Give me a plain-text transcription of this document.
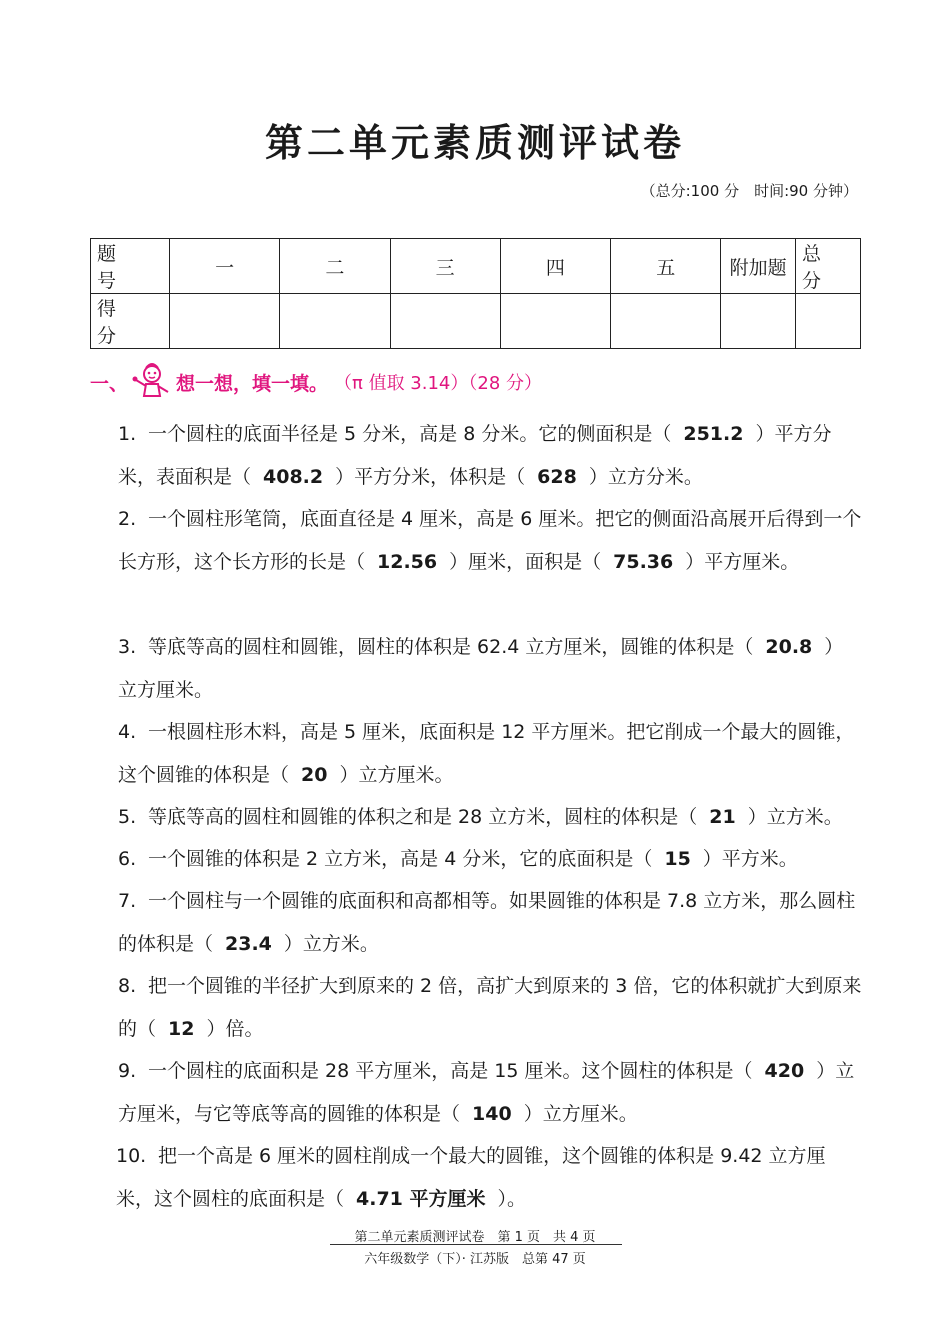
第二单元素质测评试卷
（总分:100 分　时间:90 分钟）
题　号	一	二	三	四	五	附加题	总　分
得　分							
一、	想一想，填一填。 （π 值取 3.14）（28 分）
1. 一个圆柱的底面半径是 5 分米，高是 8 分米。它的侧面积是（ 251.2 ）平方分米，表面积是（ 408.2 ）平方分米，体积是（ 628 ）立方分米。
2. 一个圆柱形笔筒，底面直径是 4 厘米，高是 6 厘米。把它的侧面沿高展开后得到一个长方形，这个长方形的长是（ 12.56 ）厘米，面积是（ 75.36 ）平方厘米。
3. 等底等高的圆柱和圆锥，圆柱的体积是 62.4 立方厘米，圆锥的体积是（ 20.8 ）立方厘米。
4. 一根圆柱形木料，高是 5 厘米，底面积是 12 平方厘米。把它削成一个最大的圆锥，这个圆锥的体积是（ 20 ）立方厘米。
5. 等底等高的圆柱和圆锥的体积之和是 28 立方米，圆柱的体积是（ 21 ）立方米。
6. 一个圆锥的体积是 2 立方米，高是 4 分米，它的底面积是（ 15 ）平方米。
7. 一个圆柱与一个圆锥的底面积和高都相等。如果圆锥的体积是 7.8 立方米，那么圆柱的体积是（ 23.4 ）立方米。
8. 把一个圆锥的半径扩大到原来的 2 倍，高扩大到原来的 3 倍，它的体积就扩大到原来的（ 12 ）倍。
9. 一个圆柱的底面积是 28 平方厘米，高是 15 厘米。这个圆柱的体积是（ 420 ）立方厘米，与它等底等高的圆锥的体积是（ 140 ）立方厘米。
10. 把一个高是 6 厘米的圆柱削成一个最大的圆锥，这个圆锥的体积是 9.42 立方厘米，这个圆柱的底面积是（ 4.71 平方厘米 ）。
第二单元素质测评试卷　第 1 页　共 4 页
六年级数学（下）· 江苏版　总第 47 页
